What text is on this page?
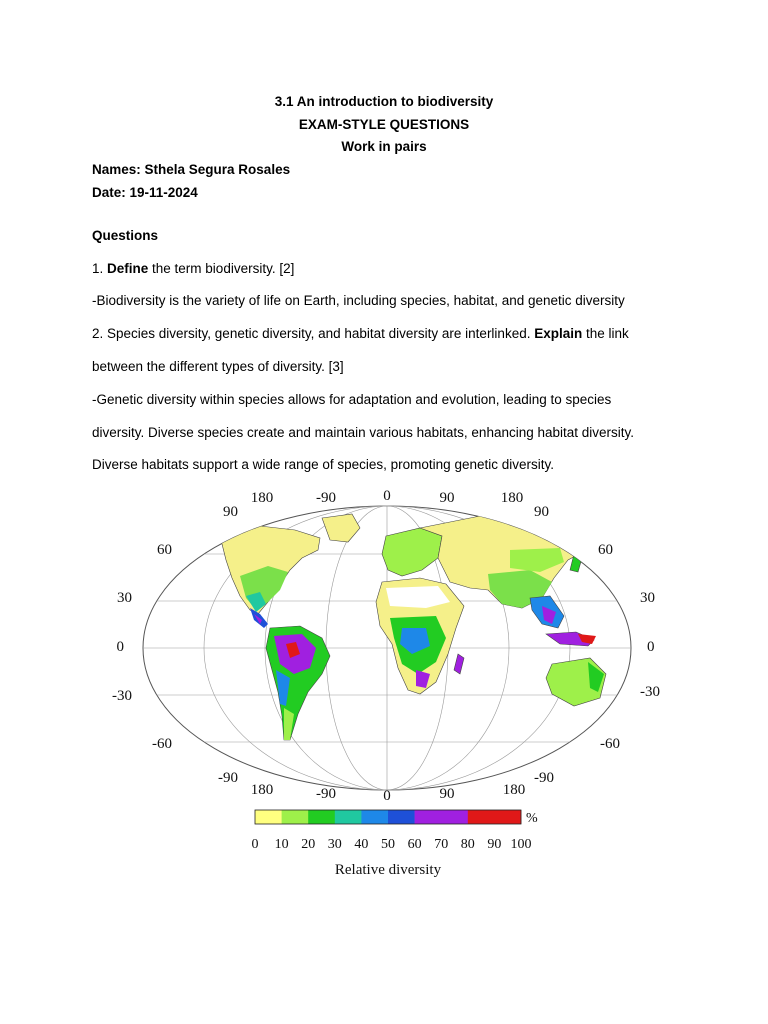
3.1 An introduction to biodiversity
EXAM-STYLE QUESTIONS
Work in pairs
Names: Sthela Segura Rosales
Date: 19-11-2024
Questions
1. Define the term biodiversity. [2]
-Biodiversity is the variety of life on Earth, including species, habitat, and genetic diversity
2. Species diversity, genetic diversity, and habitat diversity are interlinked. Explain the link
between the different types of diversity. [3]
-Genetic diversity within species allows for adaptation and evolution, leading to species
diversity. Diverse species create and maintain various habitats, enhancing habitat diversity.
Diverse habitats support a wide range of species, promoting genetic diversity.
180	-90	0	90	180
180	-90	0	90	180
90
60
30
0
-30
-60
-90
90
60
30
0
-30
-60
-90
%
0 10 20 30 40 50 60 70 80 90 100
Relative diversity
